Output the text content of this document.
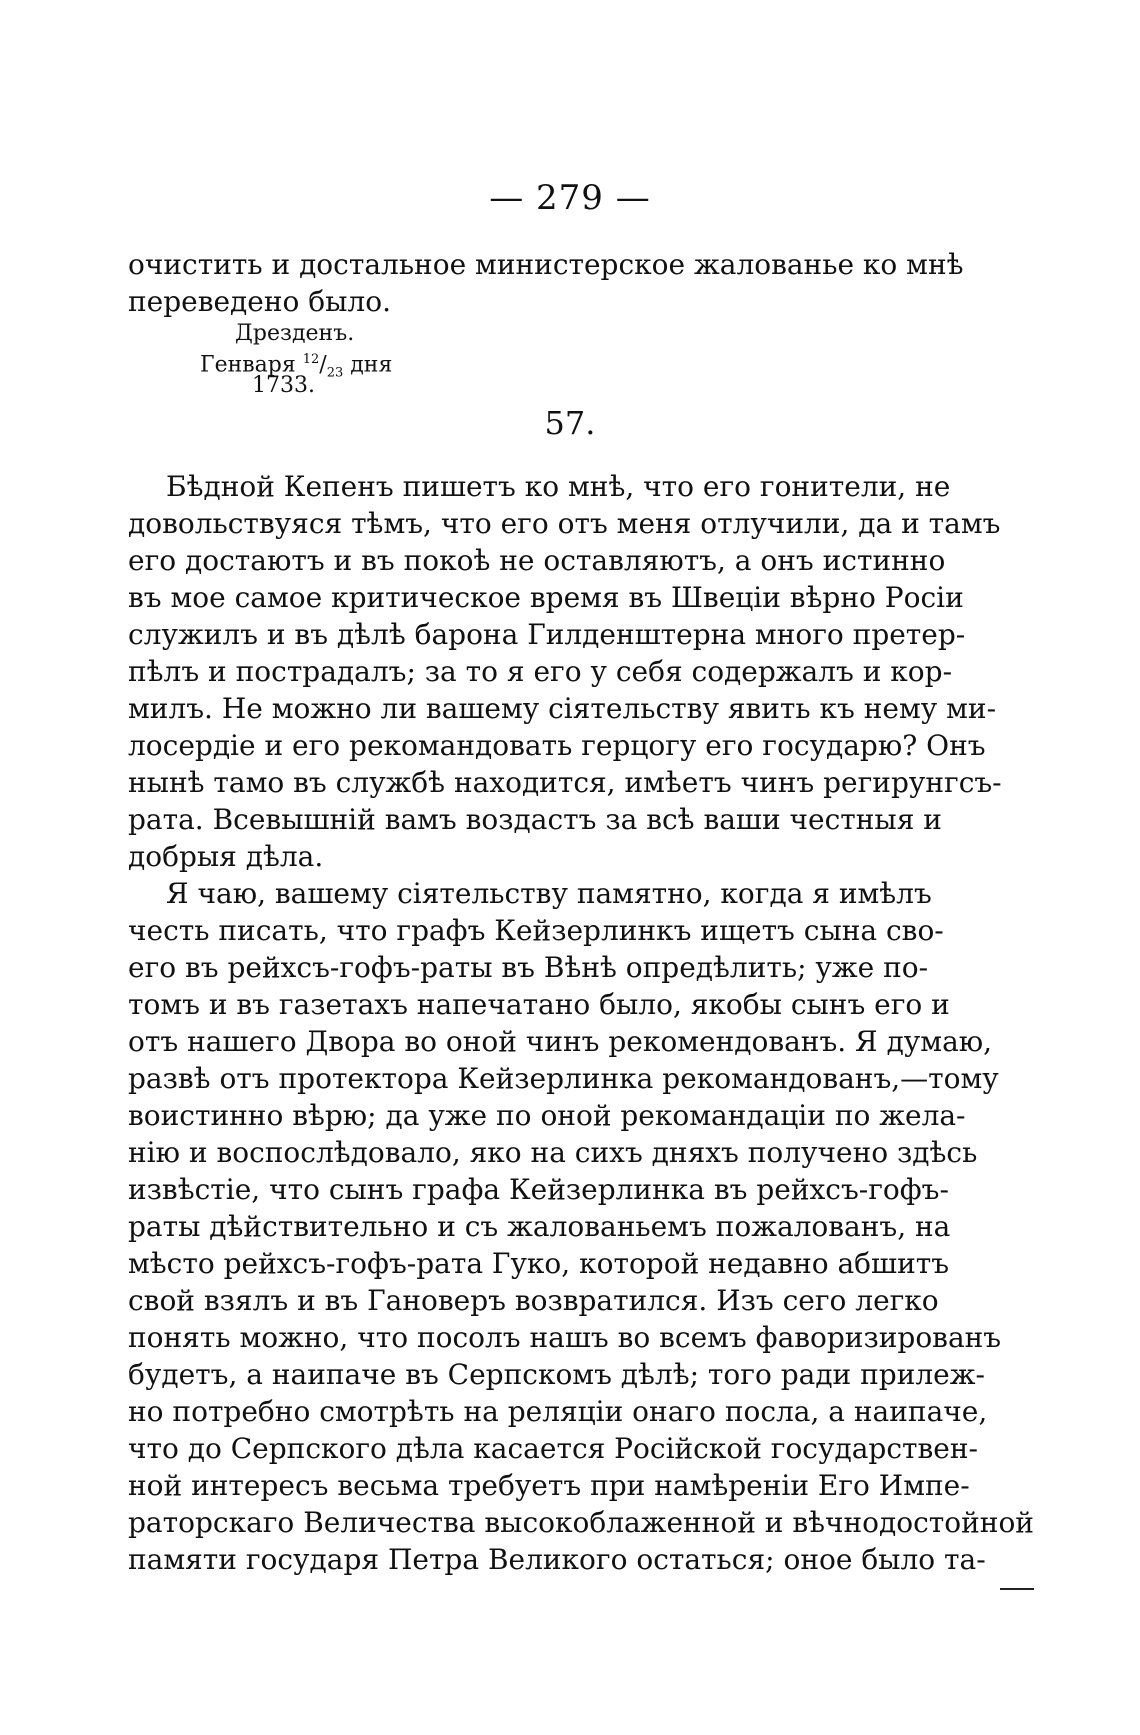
— 279 —
очистить и достальное министерское жалованье ко мнѣ
переведено было.
Дрезденъ.
Генваря $^{12}/_{23}$ дня
1733.
57.
Бѣдной Кепенъ пишетъ ко мнѣ, что его гонители, не
довольствуяся тѣмъ, что его отъ меня отлучили, да и тамъ
его достаютъ и въ покоѣ не оставляютъ, а онъ истинно
въ мое самое критическое время въ Швеціи вѣрно Росіи
служилъ и въ дѣлѣ барона Гилденштерна много претер-
пѣлъ и пострадалъ; за то я его у себя содержалъ и кор-
милъ. Не можно ли вашему сіятельству явить къ нему ми-
лосердіе и его рекомандовать герцогу его государю? Онъ
нынѣ тамо въ службѣ находится, имѣетъ чинъ регирунгсъ-
рата. Всевышній вамъ воздастъ за всѣ ваши честныя и
добрыя дѣла.
Я чаю, вашему сіятельству памятно, когда я имѣлъ
честь писать, что графъ Кейзерлинкъ ищетъ сына сво-
его въ рейхсъ-гофъ-раты въ Вѣнѣ опредѣлить; уже по-
томъ и въ газетахъ напечатано было, якобы сынъ его и
отъ нашего Двора во оной чинъ рекомендованъ. Я думаю,
развѣ отъ протектора Кейзерлинка рекомандованъ,—тому
воистинно вѣрю; да уже по оной рекомандаціи по жела-
нію и воспослѣдовало, яко на сихъ дняхъ получено здѣсь
извѣстіе, что сынъ графа Кейзерлинка въ рейхсъ-гофъ-
раты дѣйствительно и съ жалованьемъ пожалованъ, на
мѣсто рейхсъ-гофъ-рата Гуко, которой недавно абшитъ
свой взялъ и въ Гановеръ возвратился. Изъ сего легко
понять можно, что посолъ нашъ во всемъ фаворизированъ
будетъ, а наипаче въ Серпскомъ дѣлѣ; того ради прилеж-
но потребно смотрѣть на реляціи онаго посла, а наипаче,
что до Серпского дѣла касается Російской государствен-
ной интересъ весьма требуетъ при намѣреніи Его Импе-
раторскаго Величества высокоблаженной и вѣчнодостойной
памяти государя Петра Великого остаться; оное было та-
